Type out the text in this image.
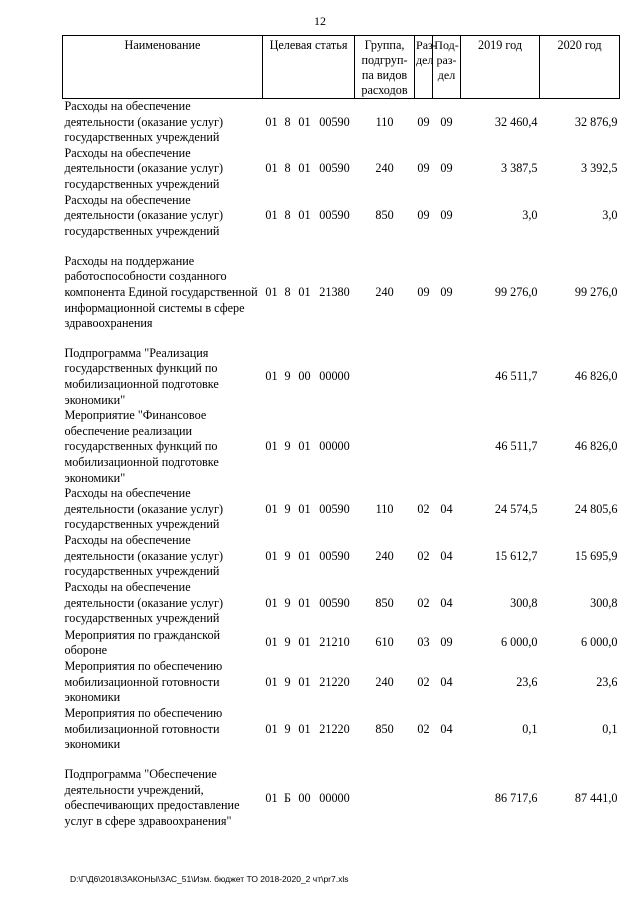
12
Наименование	Целевая статья				Группа, подгруп-па видов расходов	Раз-дел	Под-раз-дел	2019 год	2020 год
Расходы на обеспечение деятельности (оказание услуг) государственных учреждений	01	8	01	00590	110	09	09	32 460,4	32 876,9
Расходы на обеспечение деятельности (оказание услуг) государственных учреждений	01	8	01	00590	240	09	09	3 387,5	3 392,5
Расходы на обеспечение деятельности (оказание услуг) государственных учреждений	01	8	01	00590	850	09	09	3,0	3,0

Расходы на поддержание работоспособности созданного компонента Единой государственной информационной системы в сфере здравоохранения	01	8	01	21380	240	09	09	99 276,0	99 276,0

Подпрограмма "Реализация государственных функций по мобилизационной подготовке экономики"	01	9	00	00000				46 511,7	46 826,0
Мероприятие "Финансовое обеспечение реализации государственных функций по мобилизационной подготовке экономики"	01	9	01	00000				46 511,7	46 826,0
Расходы на обеспечение деятельности (оказание услуг) государственных учреждений	01	9	01	00590	110	02	04	24 574,5	24 805,6
Расходы на обеспечение деятельности (оказание услуг) государственных учреждений	01	9	01	00590	240	02	04	15 612,7	15 695,9
Расходы на обеспечение деятельности (оказание услуг) государственных учреждений	01	9	01	00590	850	02	04	300,8	300,8
Мероприятия по гражданской обороне	01	9	01	21210	610	03	09	6 000,0	6 000,0
Мероприятия по обеспечению мобилизационной готовности экономики	01	9	01	21220	240	02	04	23,6	23,6
Мероприятия по обеспечению мобилизационной готовности экономики	01	9	01	21220	850	02	04	0,1	0,1

Подпрограмма "Обеспечение деятельности учреждений, обеспечивающих предоставление услуг в сфере здравоохранения"	01	Б	00	00000				86 717,6	87 441,0
D:\Г\Д6\2018\ЗАКОНЫ\ЗАС_51\Изм. бюджет ТО 2018-2020_2 чт\pr7.xls
